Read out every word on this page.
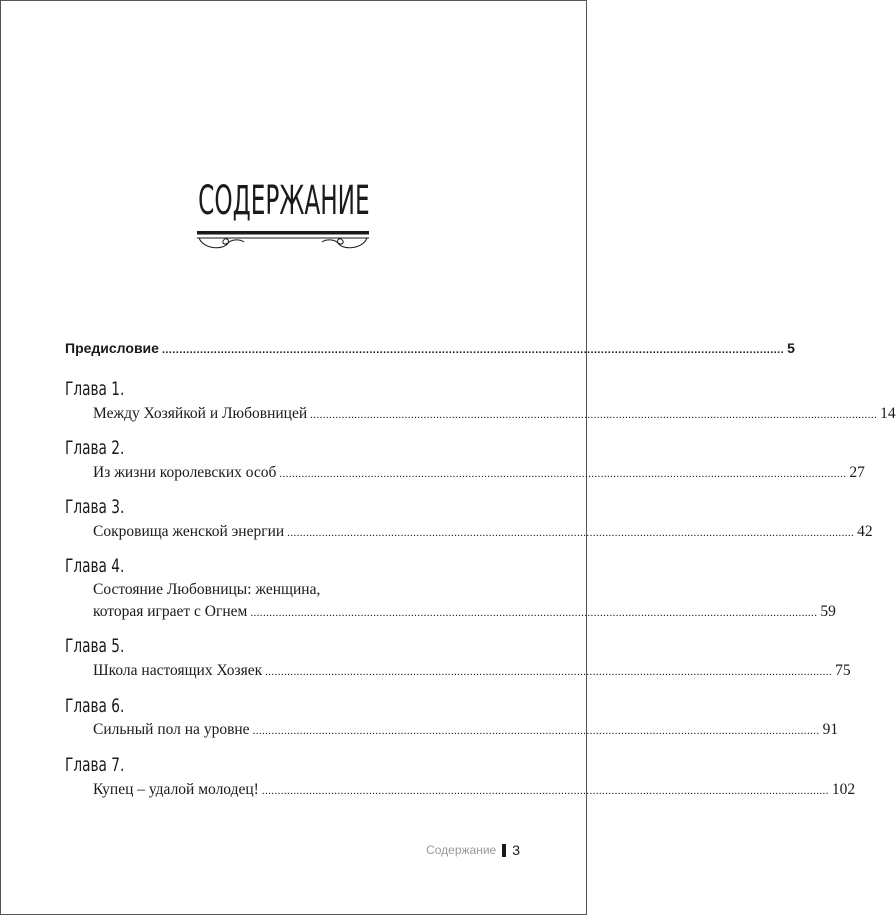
СОДЕРЖАНИЕ
Предисловие .................................................................................................................................................................................... 5
Глава 1.
Между Хозяйкой и Любовницей .................................................................................................................................................................................... 14
Глава 2.
Из жизни королевских особ .................................................................................................................................................................................... 27
Глава 3.
Сокровища женской энергии .................................................................................................................................................................................... 42
Глава 4.
Состояние Любовницы: женщина,
которая играет с Огнем .................................................................................................................................................................................... 59
Глава 5.
Школа настоящих Хозяек .................................................................................................................................................................................... 75
Глава 6.
Сильный пол на уровне .................................................................................................................................................................................... 91
Глава 7.
Купец – удалой молодец! .................................................................................................................................................................................... 102
Содержание 3
